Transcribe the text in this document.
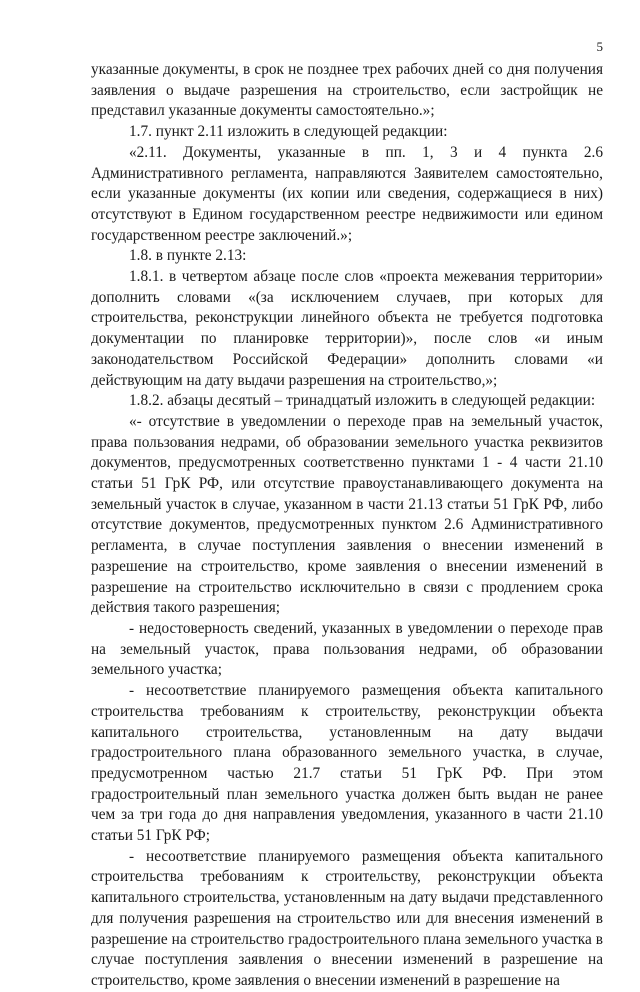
5

указанные документы, в срок не позднее трех рабочих дней со дня получения заявления о выдаче разрешения на строительство, если застройщик не представил указанные документы самостоятельно.»;

1.7. пункт 2.11 изложить в следующей редакции:

«2.11. Документы, указанные в пп. 1, 3 и 4 пункта 2.6 Административного регламента, направляются Заявителем самостоятельно, если указанные документы (их копии или сведения, содержащиеся в них) отсутствуют в Едином государственном реестре недвижимости или едином государственном реестре заключений.»;

1.8. в пункте 2.13:

1.8.1. в четвертом абзаце после слов «проекта межевания территории» дополнить словами «(за исключением случаев, при которых для строительства, реконструкции линейного объекта не требуется подготовка документации по планировке территории)», после слов «и иным законодательством Российской Федерации» дополнить словами «и действующим на дату выдачи разрешения на строительство,»;

1.8.2. абзацы десятый – тринадцатый изложить в следующей редакции:

«- отсутствие в уведомлении о переходе прав на земельный участок, права пользования недрами, об образовании земельного участка реквизитов документов, предусмотренных соответственно пунктами 1 - 4 части 21.10 статьи 51 ГрК РФ, или отсутствие правоустанавливающего документа на земельный участок в случае, указанном в части 21.13 статьи 51 ГрК РФ, либо отсутствие документов, предусмотренных пунктом 2.6 Административного регламента, в случае поступления заявления о внесении изменений в разрешение на строительство, кроме заявления о внесении изменений в разрешение на строительство исключительно в связи с продлением срока действия такого разрешения;

- недостоверность сведений, указанных в уведомлении о переходе прав на земельный участок, права пользования недрами, об образовании земельного участка;

- несоответствие планируемого размещения объекта капитального строительства требованиям к строительству, реконструкции объекта капитального строительства, установленным на дату выдачи градостроительного плана образованного земельного участка, в случае, предусмотренном частью 21.7 статьи 51 ГрК РФ. При этом градостроительный план земельного участка должен быть выдан не ранее чем за три года до дня направления уведомления, указанного в части 21.10 статьи 51 ГрК РФ;

- несоответствие планируемого размещения объекта капитального строительства требованиям к строительству, реконструкции объекта капитального строительства, установленным на дату выдачи представленного для получения разрешения на строительство или для внесения изменений в разрешение на строительство градостроительного плана земельного участка в случае поступления заявления о внесении изменений в разрешение на строительство, кроме заявления о внесении изменений в разрешение на
